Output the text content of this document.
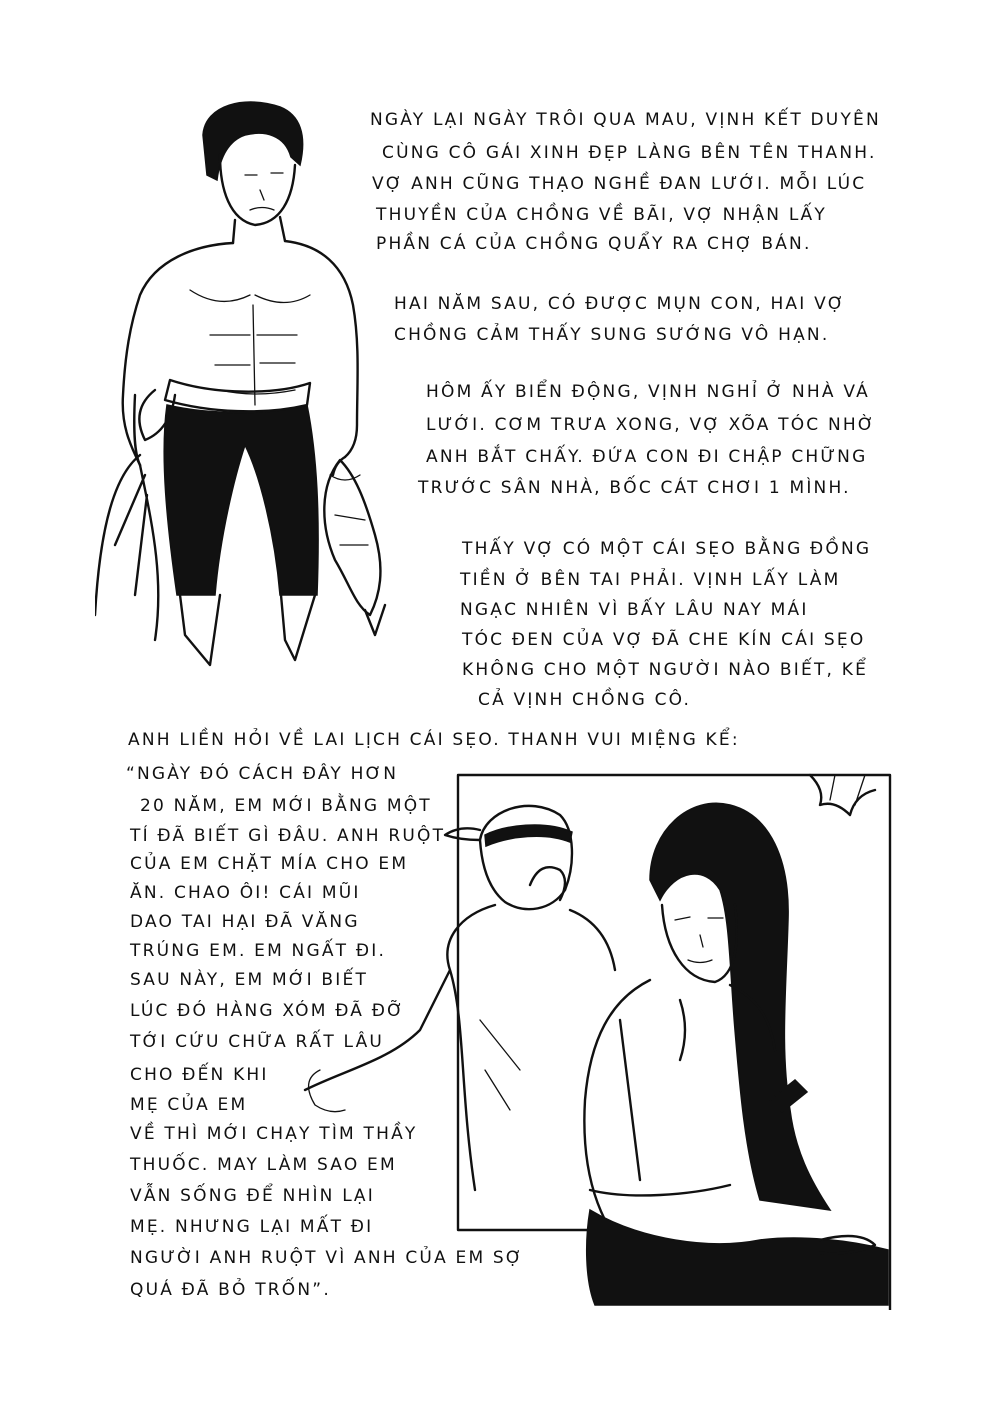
NGÀY LẠI NGÀY TRÔI QUA MAU, VỊNH KẾT DUYÊN
CÙNG CÔ GÁI XINH ĐẸP LÀNG BÊN TÊN THANH.
VỢ ANH CŨNG THẠO NGHỀ ĐAN LƯỚI. MỖI LÚC
THUYỀN CỦA CHỒNG VỀ BÃI, VỢ NHẬN LẤY
PHẦN CÁ CỦA CHỒNG QUẨY RA CHỢ BÁN.
HAI NĂM SAU, CÓ ĐƯỢC MỤN CON, HAI VỢ
CHỒNG CẢM THẤY SUNG SƯỚNG VÔ HẠN.
HÔM ẤY BIỂN ĐỘNG, VỊNH NGHỈ Ở NHÀ VÁ
LƯỚI. CƠM TRƯA XONG, VỢ XÕA TÓC NHỜ
ANH BẮT CHẤY. ĐỨA CON ĐI CHẬP CHỮNG
TRƯỚC SÂN NHÀ, BỐC CÁT CHƠI 1 MÌNH.
THẤY VỢ CÓ MỘT CÁI SẸO BẰNG ĐỒNG
TIỀN Ở BÊN TAI PHẢI. VỊNH LẤY LÀM
NGẠC NHIÊN VÌ BẤY LÂU NAY MÁI
TÓC ĐEN CỦA VỢ ĐÃ CHE KÍN CÁI SẸO
KHÔNG CHO MỘT NGƯỜI NÀO BIẾT, KỂ
CẢ VỊNH CHỒNG CÔ.
ANH LIỀN HỎI VỀ LAI LỊCH CÁI SẸO. THANH VUI MIỆNG KỂ:
“NGÀY ĐÓ CÁCH ĐÂY HƠN
20 NĂM, EM MỚI BẰNG MỘT
TÍ ĐÃ BIẾT GÌ ĐÂU. ANH RUỘT
CỦA EM CHẶT MÍA CHO EM
ĂN. CHAO ÔI! CÁI MŨI
DAO TAI HẠI ĐÃ VĂNG
TRÚNG EM. EM NGẤT ĐI.
SAU NÀY, EM MỚI BIẾT
LÚC ĐÓ HÀNG XÓM ĐÃ ĐỠ
TỚI CỨU CHỮA RẤT LÂU
CHO ĐẾN KHI
MẸ CỦA EM
VỀ THÌ MỚI CHẠY TÌM THẦY
THUỐC. MAY LÀM SAO EM
VẪN SỐNG ĐỂ NHÌN LẠI
MẸ. NHƯNG LẠI MẤT ĐI
NGƯỜI ANH RUỘT VÌ ANH CỦA EM SỢ
QUÁ ĐÃ BỎ TRỐN”.
